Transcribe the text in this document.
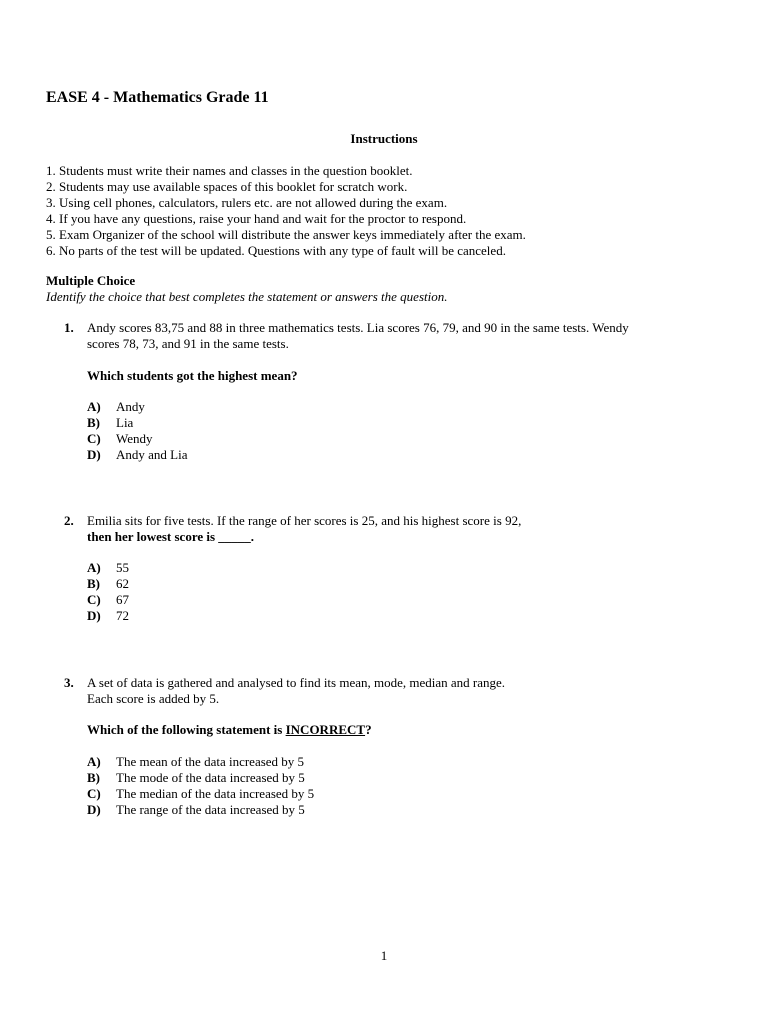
EASE 4 - Mathematics Grade 11
Instructions
1. Students must write their names and classes in the question booklet.
2. Students may use available spaces of this booklet for scratch work.
3. Using cell phones, calculators, rulers etc. are not allowed during the exam.
4. If you have any questions, raise your hand and wait for the proctor to respond.
5. Exam Organizer of the school will distribute the answer keys immediately after the exam.
6. No parts of the test will be updated. Questions with any type of fault will be canceled.
Multiple Choice
Identify the choice that best completes the statement or answers the question.
1.	Andy scores 83,75 and 88 in three mathematics tests. Lia scores 76, 79, and 90 in the same tests. Wendy
scores 78, 73, and 91 in the same tests.
Which students got the highest mean?
A) Andy
B) Lia
C) Wendy
D) Andy and Lia
2.	Emilia sits for five tests. If the range of her scores is 25, and his highest score is 92,
then her lowest score is _____.
A) 55
B) 62
C) 67
D) 72
3.	A set of data is gathered and analysed to find its mean, mode, median and range.
Each score is added by 5.
Which of the following statement is INCORRECT?
A) The mean of the data increased by 5
B) The mode of the data increased by 5
C) The median of the data increased by 5
D) The range of the data increased by 5
1
